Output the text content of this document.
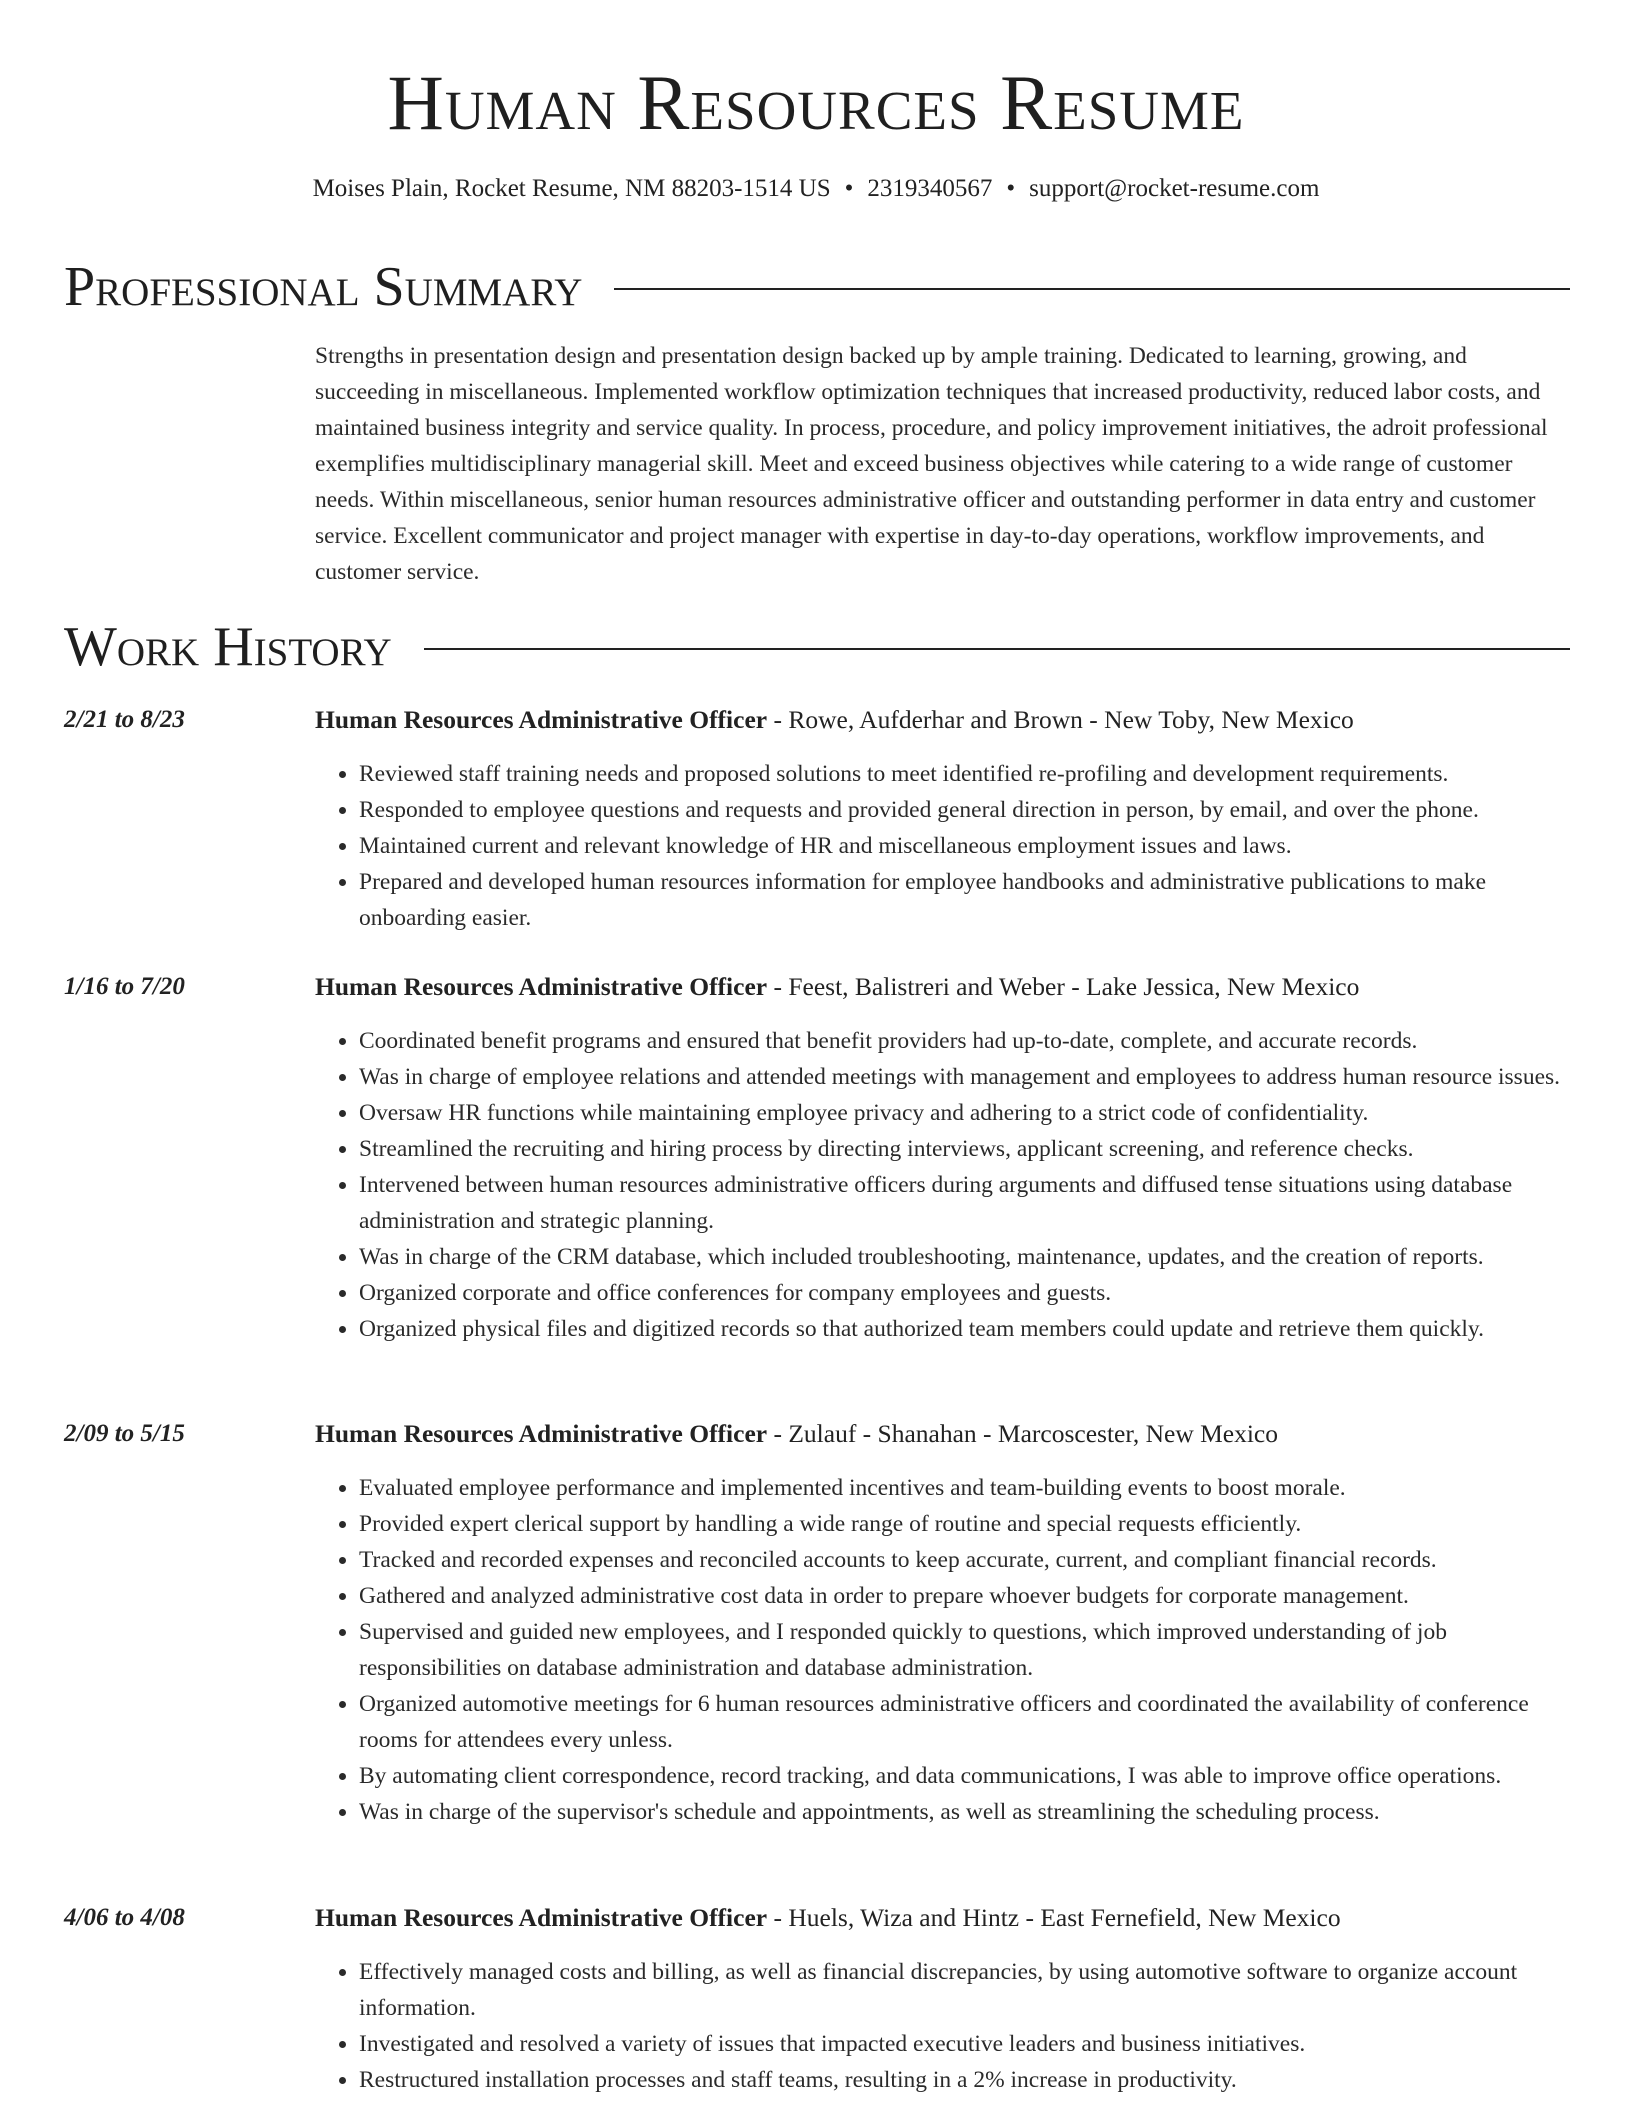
Human Resources Resume
Moises Plain, Rocket Resume, NM 88203-1514 US • 2319340567 • support@rocket-resume.com
Professional Summary

Strengths in presentation design and presentation design backed up by ample training. Dedicated to learning, growing, and succeeding in miscellaneous. Implemented workflow optimization techniques that increased productivity, reduced labor costs, and maintained business integrity and service quality. In process, procedure, and policy improvement initiatives, the adroit professional exemplifies multidisciplinary managerial skill. Meet and exceed business objectives while catering to a wide range of customer needs. Within miscellaneous, senior human resources administrative officer and outstanding performer in data entry and customer service. Excellent communicator and project manager with expertise in day-to-day operations, workflow improvements, and customer service.

Work History
2/21 to 8/23	Human Resources Administrative Officer - Rowe, Aufderhar and Brown - New Toby, New Mexico
• Reviewed staff training needs and proposed solutions to meet identified re-profiling and development requirements.
• Responded to employee questions and requests and provided general direction in person, by email, and over the phone.
• Maintained current and relevant knowledge of HR and miscellaneous employment issues and laws.
• Prepared and developed human resources information for employee handbooks and administrative publications to make onboarding easier.
1/16 to 7/20	Human Resources Administrative Officer - Feest, Balistreri and Weber - Lake Jessica, New Mexico
• Coordinated benefit programs and ensured that benefit providers had up-to-date, complete, and accurate records.
• Was in charge of employee relations and attended meetings with management and employees to address human resource issues.
• Oversaw HR functions while maintaining employee privacy and adhering to a strict code of confidentiality.
• Streamlined the recruiting and hiring process by directing interviews, applicant screening, and reference checks.
• Intervened between human resources administrative officers during arguments and diffused tense situations using database administration and strategic planning.
• Was in charge of the CRM database, which included troubleshooting, maintenance, updates, and the creation of reports.
• Organized corporate and office conferences for company employees and guests.
• Organized physical files and digitized records so that authorized team members could update and retrieve them quickly.
2/09 to 5/15	Human Resources Administrative Officer - Zulauf - Shanahan - Marcoscester, New Mexico
• Evaluated employee performance and implemented incentives and team-building events to boost morale.
• Provided expert clerical support by handling a wide range of routine and special requests efficiently.
• Tracked and recorded expenses and reconciled accounts to keep accurate, current, and compliant financial records.
• Gathered and analyzed administrative cost data in order to prepare whoever budgets for corporate management.
• Supervised and guided new employees, and I responded quickly to questions, which improved understanding of job responsibilities on database administration and database administration.
• Organized automotive meetings for 6 human resources administrative officers and coordinated the availability of conference rooms for attendees every unless.
• By automating client correspondence, record tracking, and data communications, I was able to improve office operations.
• Was in charge of the supervisor's schedule and appointments, as well as streamlining the scheduling process.
4/06 to 4/08	Human Resources Administrative Officer - Huels, Wiza and Hintz - East Fernefield, New Mexico
• Effectively managed costs and billing, as well as financial discrepancies, by using automotive software to organize account information.
• Investigated and resolved a variety of issues that impacted executive leaders and business initiatives.
• Restructured installation processes and staff teams, resulting in a 2% increase in productivity.
